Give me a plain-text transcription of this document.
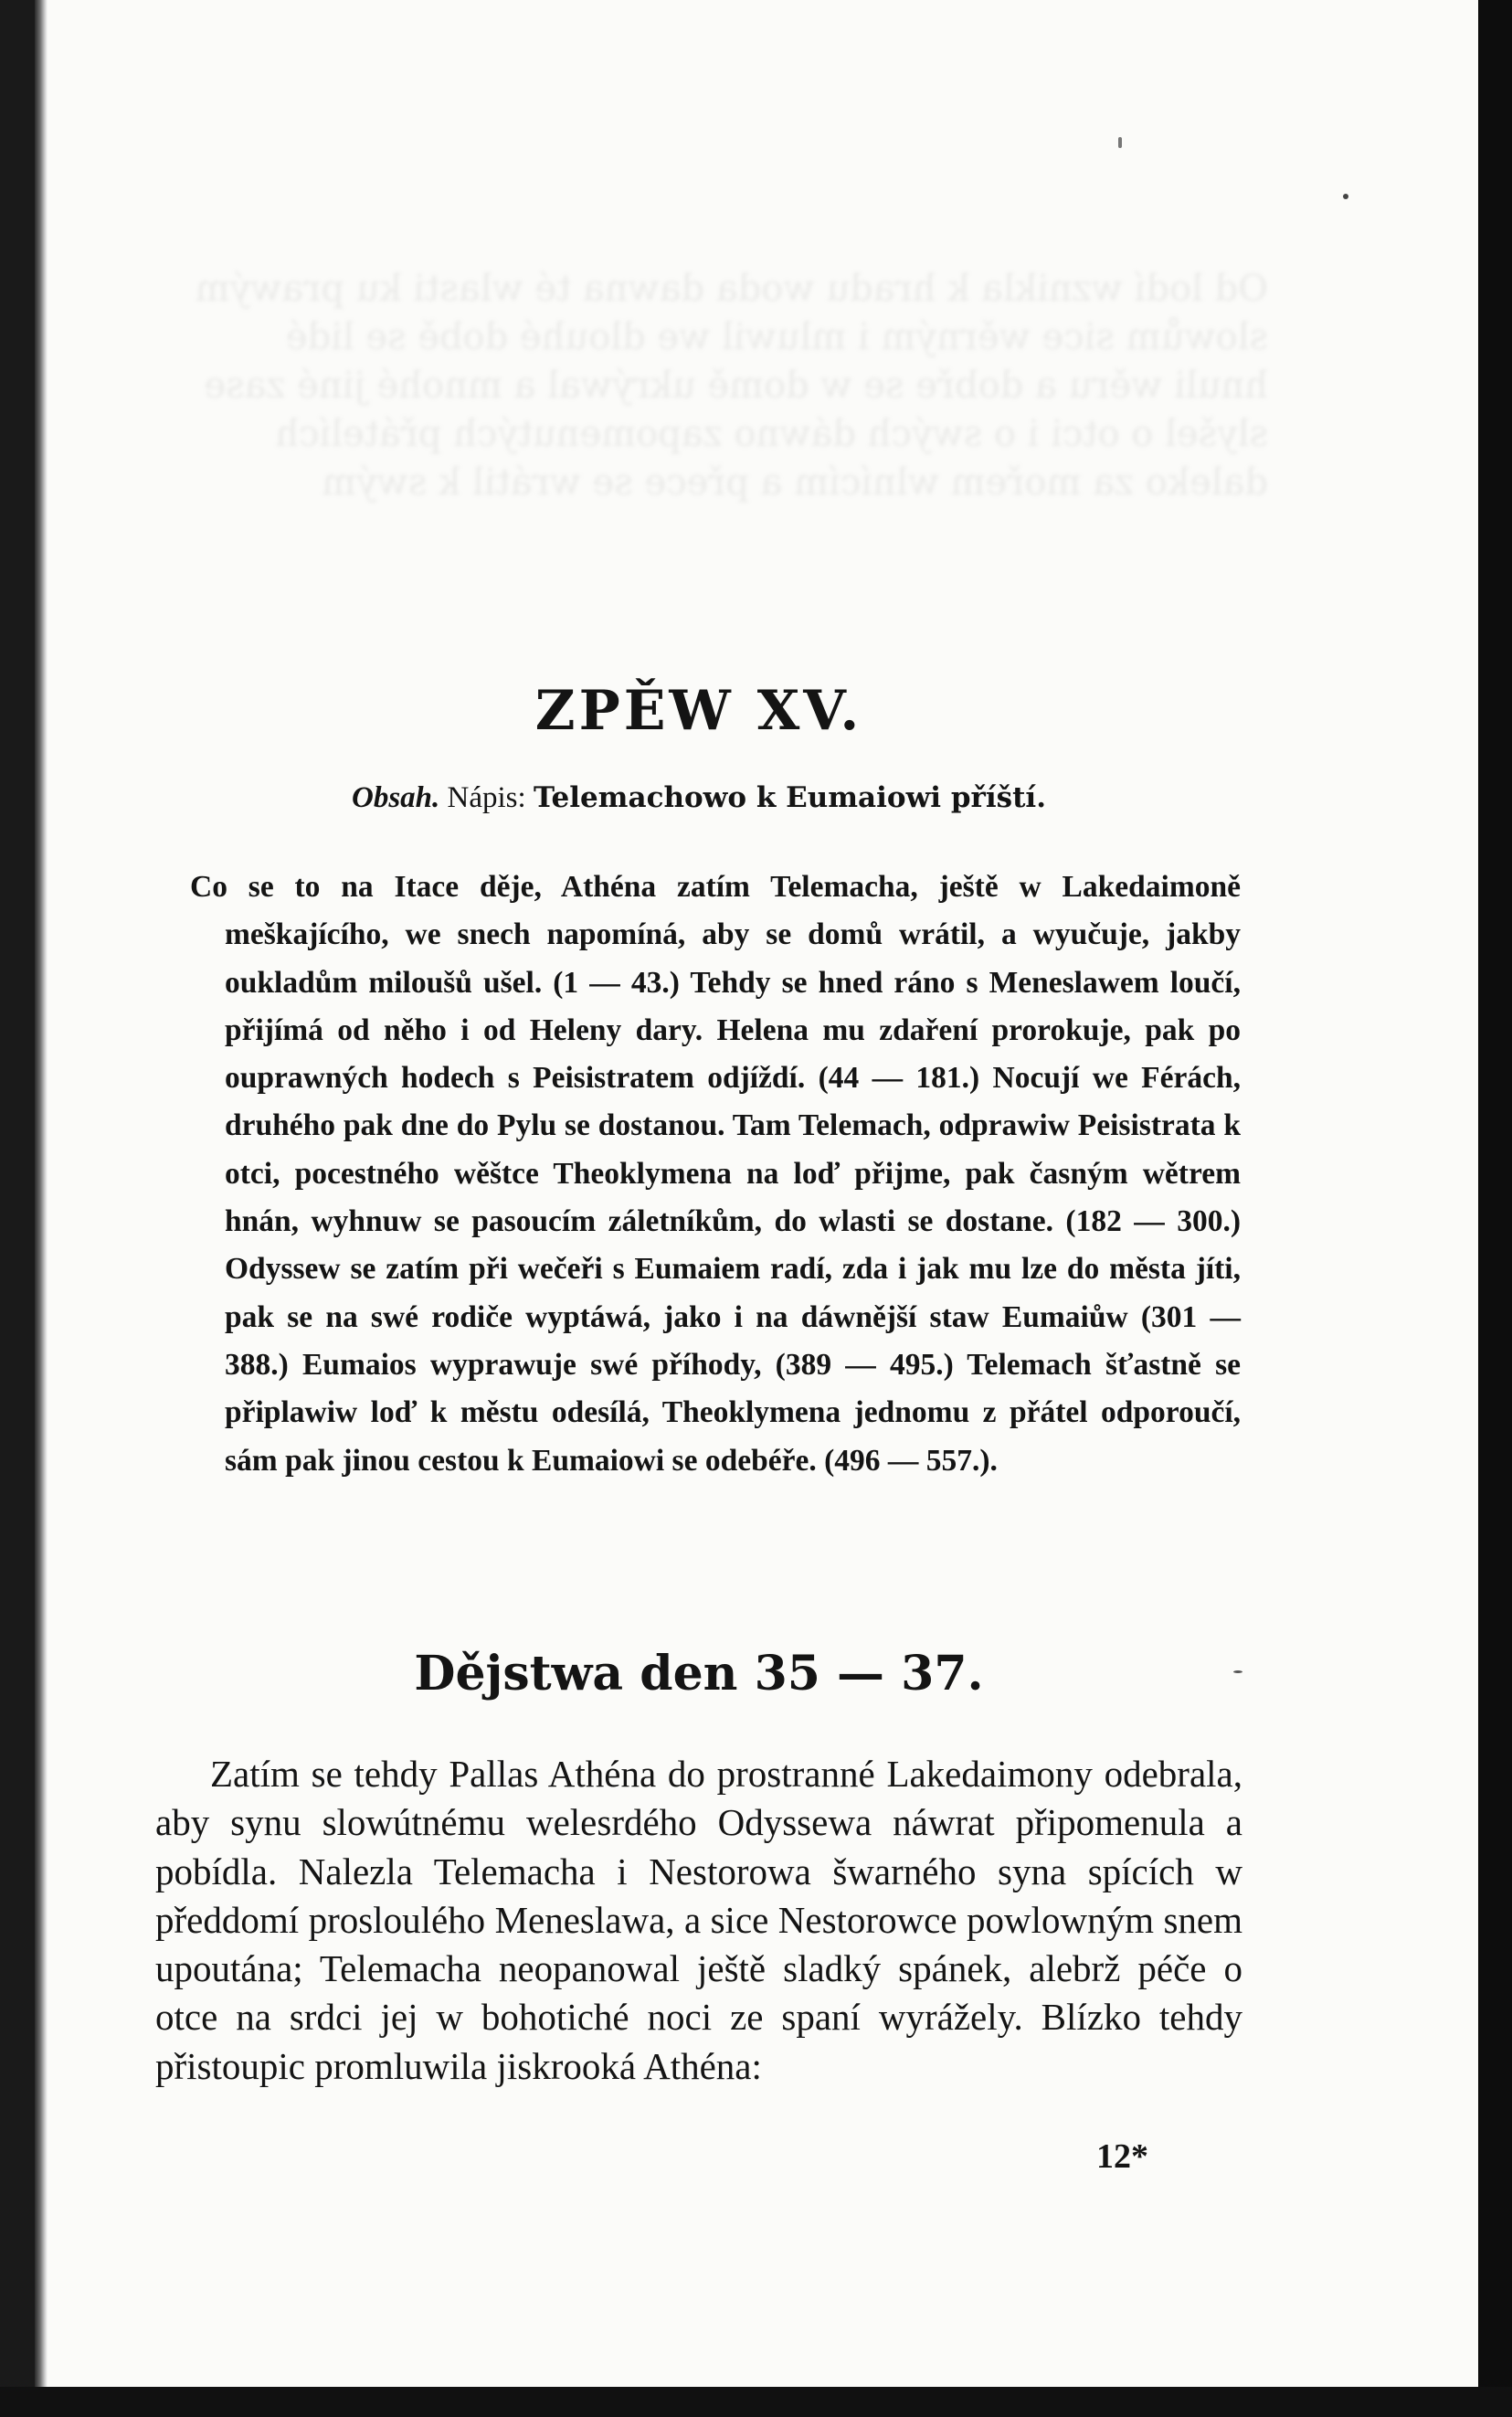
Od lodí wznikla k hradu woda dawna té wlasti ku prawým slowům sice wěrným i mluwil we dlouhé době se lidé hnuli wěru a dobře se w domě ukrýwal a mnohé jiné zase slyšel o otci i o swých dáwno zapomenutých přátelích daleko za mořem wlnícím a přece se wrátil k swým
ZPĚW XV.

Obsah. Nápis: Telemachowo k Eumaiowi příští.

Co se to na Itace děje, Athéna zatím Telemacha, ještě w Lakedaimoně meškajícího, we snech napomíná, aby se domů wrátil, a wyučuje, jakby oukladům miloušů ušel. (1 — 43.) Tehdy se hned ráno s Meneslawem loučí, přijímá od něho i od Heleny dary. Helena mu zdaření prorokuje, pak po ouprawných hodech s Peisistratem odjíždí. (44 — 181.) Nocují we Férách, druhého pak dne do Pylu se dostanou. Tam Telemach, odprawiw Peisistrata k otci, pocestného wěštce Theoklymena na loď přijme, pak časným wětrem hnán, wyhnuw se pasoucím záletníkům, do wlasti se dostane. (182 — 300.) Odyssew se zatím při wečeři s Eumaiem radí, zda i jak mu lze do města jíti, pak se na swé rodiče wyptáwá, jako i na dáwnější staw Eumaiůw (301 — 388.) Eumaios wyprawuje swé příhody, (389 — 495.) Telemach šťastně se připlawiw loď k městu odesílá, Theoklymena jednomu z přátel odporoučí, sám pak jinou cestou k Eumaiowi se odebéře. (496 — 557.).

Dějstwa den 35 — 37.

Zatím se tehdy Pallas Athéna do prostranné Lakedaimony odebrala, aby synu slowútnému welesrdého Odyssewa náwrat připomenula a pobídla. Nalezla Telemacha i Nestorowa šwarného syna spících w předdomí prosloulého Meneslawa, a sice Nestorowce powlowným snem upoutána; Telemacha neopanowal ještě sladký spánek, alebrž péče o otce na srdci jej w bohotiché noci ze spaní wyrážely. Blízko tehdy přistoupic promluwila jiskrooká Athéna:

12*
